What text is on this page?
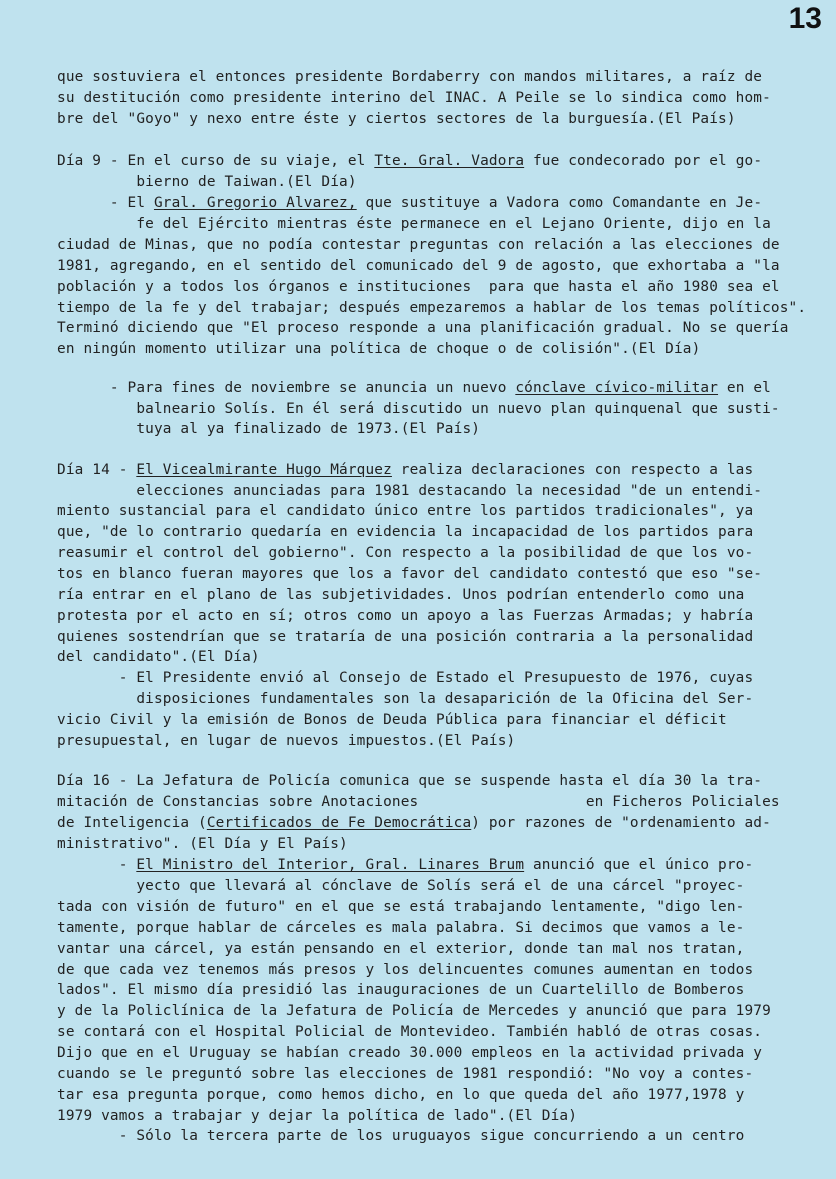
13
que sostuviera el entonces presidente Bordaberry con mandos militares, a raíz de
su destitución como presidente interino del INAC. A Peile se lo sindica como hom-
bre del "Goyo" y nexo entre éste y ciertos sectores de la burguesía.(El País)
Día 9 - En el curso de su viaje, el Tte. Gral. Vadora fue condecorado por el go-
bierno de Taiwan.(El Día)
- El Gral. Gregorio Alvarez, que sustituye a Vadora como Comandante en Je-
fe del Ejército mientras éste permanece en el Lejano Oriente, dijo en la
ciudad de Minas, que no podía contestar preguntas con relación a las elecciones de
1981, agregando, en el sentido del comunicado del 9 de agosto, que exhortaba a "la
población y a todos los órganos e instituciones  para que hasta el año 1980 sea el
tiempo de la fe y del trabajar; después empezaremos a hablar de los temas políticos".
Terminó diciendo que "El proceso responde a una planificación gradual. No se quería
en ningún momento utilizar una política de choque o de colisión".(El Día)
- Para fines de noviembre se anuncia un nuevo cónclave cívico-militar en el
balneario Solís. En él será discutido un nuevo plan quinquenal que susti-
tuya al ya finalizado de 1973.(El País)
Día 14 - El Vicealmirante Hugo Márquez realiza declaraciones con respecto a las
elecciones anunciadas para 1981 destacando la necesidad "de un entendi-
miento sustancial para el candidato único entre los partidos tradicionales", ya
que, "de lo contrario quedaría en evidencia la incapacidad de los partidos para
reasumir el control del gobierno". Con respecto a la posibilidad de que los vo-
tos en blanco fueran mayores que los a favor del candidato contestó que eso "se-
ría entrar en el plano de las subjetividades. Unos podrían entenderlo como una
protesta por el acto en sí; otros como un apoyo a las Fuerzas Armadas; y habría
quienes sostendrían que se trataría de una posición contraria a la personalidad
del candidato".(El Día)
- El Presidente envió al Consejo de Estado el Presupuesto de 1976, cuyas
disposiciones fundamentales son la desaparición de la Oficina del Ser-
vicio Civil y la emisión de Bonos de Deuda Pública para financiar el déficit
presupuestal, en lugar de nuevos impuestos.(El País)
Día 16 - La Jefatura de Policía comunica que se suspende hasta el día 30 la tra-
mitación de Constancias sobre Anotaciones                   en Ficheros Policiales
de Inteligencia (Certificados de Fe Democrática) por razones de "ordenamiento ad-
ministrativo". (El Día y El País)
- El Ministro del Interior, Gral. Linares Brum anunció que el único pro-
yecto que llevará al cónclave de Solís será el de una cárcel "proyec-
tada con visión de futuro" en el que se está trabajando lentamente, "digo len-
tamente, porque hablar de cárceles es mala palabra. Si decimos que vamos a le-
vantar una cárcel, ya están pensando en el exterior, donde tan mal nos tratan,
de que cada vez tenemos más presos y los delincuentes comunes aumentan en todos
lados". El mismo día presidió las inauguraciones de un Cuartelillo de Bomberos
y de la Policlínica de la Jefatura de Policía de Mercedes y anunció que para 1979
se contará con el Hospital Policial de Montevideo. También habló de otras cosas.
Dijo que en el Uruguay se habían creado 30.000 empleos en la actividad privada y
cuando se le preguntó sobre las elecciones de 1981 respondió: "No voy a contes-
tar esa pregunta porque, como hemos dicho, en lo que queda del año 1977,1978 y
1979 vamos a trabajar y dejar la política de lado".(El Día)
- Sólo la tercera parte de los uruguayos sigue concurriendo a un centro
